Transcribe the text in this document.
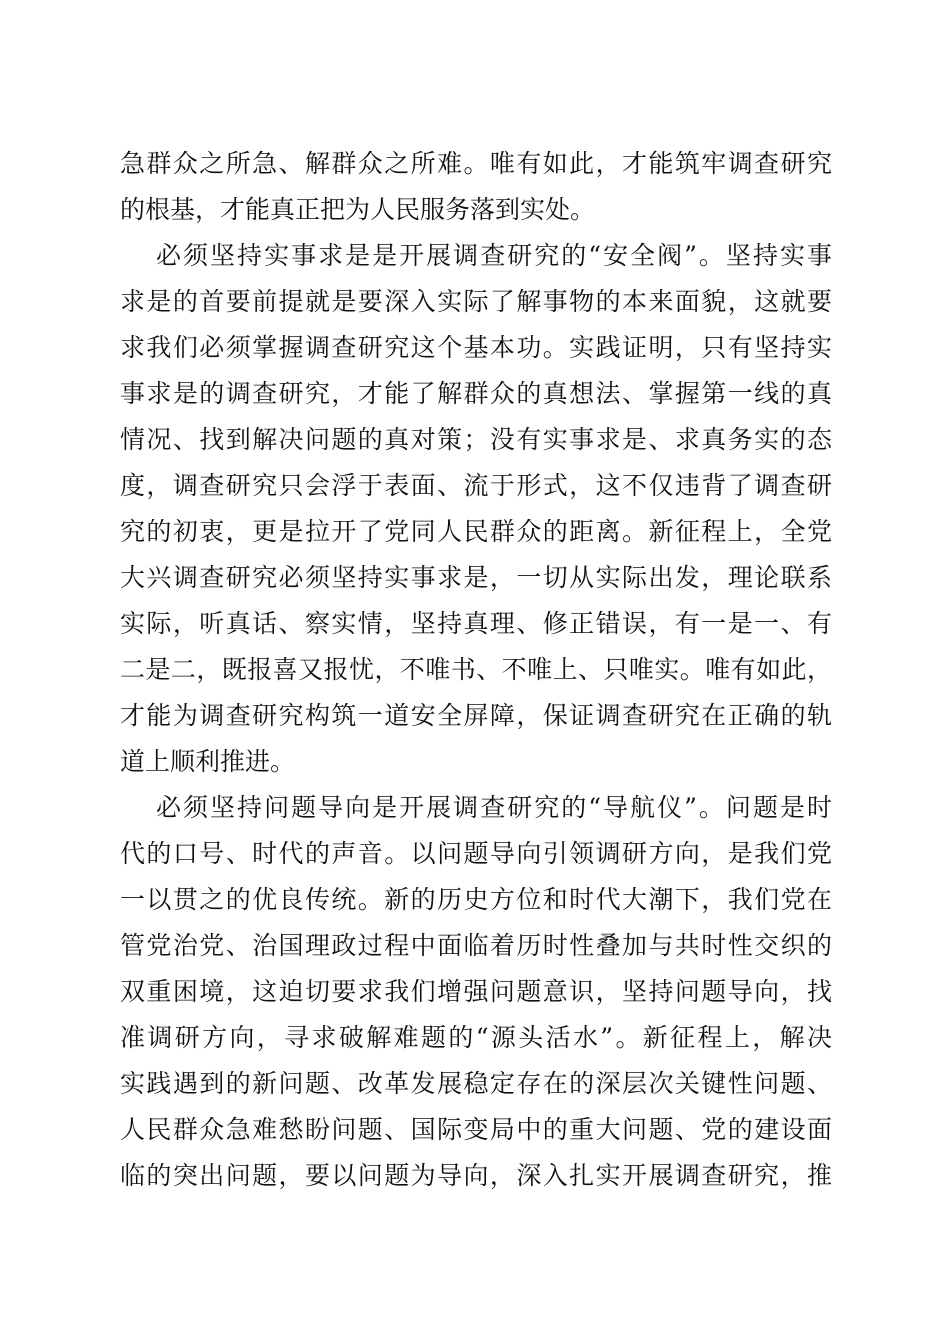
急群众之所急、解群众之所难。唯有如此，才能筑牢调查研究
的根基，才能真正把为人民服务落到实处。
必须坚持实事求是是开展调查研究的“安全阀”。坚持实事
求是的首要前提就是要深入实际了解事物的本来面貌，这就要
求我们必须掌握调查研究这个基本功。实践证明，只有坚持实
事求是的调查研究，才能了解群众的真想法、掌握第一线的真
情况、找到解决问题的真对策；没有实事求是、求真务实的态
度，调查研究只会浮于表面、流于形式，这不仅违背了调查研
究的初衷，更是拉开了党同人民群众的距离。新征程上，全党
大兴调查研究必须坚持实事求是，一切从实际出发，理论联系
实际，听真话、察实情，坚持真理、修正错误，有一是一、有
二是二，既报喜又报忧，不唯书、不唯上、只唯实。唯有如此，
才能为调查研究构筑一道安全屏障，保证调查研究在正确的轨
道上顺利推进。
必须坚持问题导向是开展调查研究的“导航仪”。问题是时
代的口号、时代的声音。以问题导向引领调研方向，是我们党
一以贯之的优良传统。新的历史方位和时代大潮下，我们党在
管党治党、治国理政过程中面临着历时性叠加与共时性交织的
双重困境，这迫切要求我们增强问题意识，坚持问题导向，找
准调研方向，寻求破解难题的“源头活水”。新征程上，解决
实践遇到的新问题、改革发展稳定存在的深层次关键性问题、
人民群众急难愁盼问题、国际变局中的重大问题、党的建设面
临的突出问题，要以问题为导向，深入扎实开展调查研究，推
